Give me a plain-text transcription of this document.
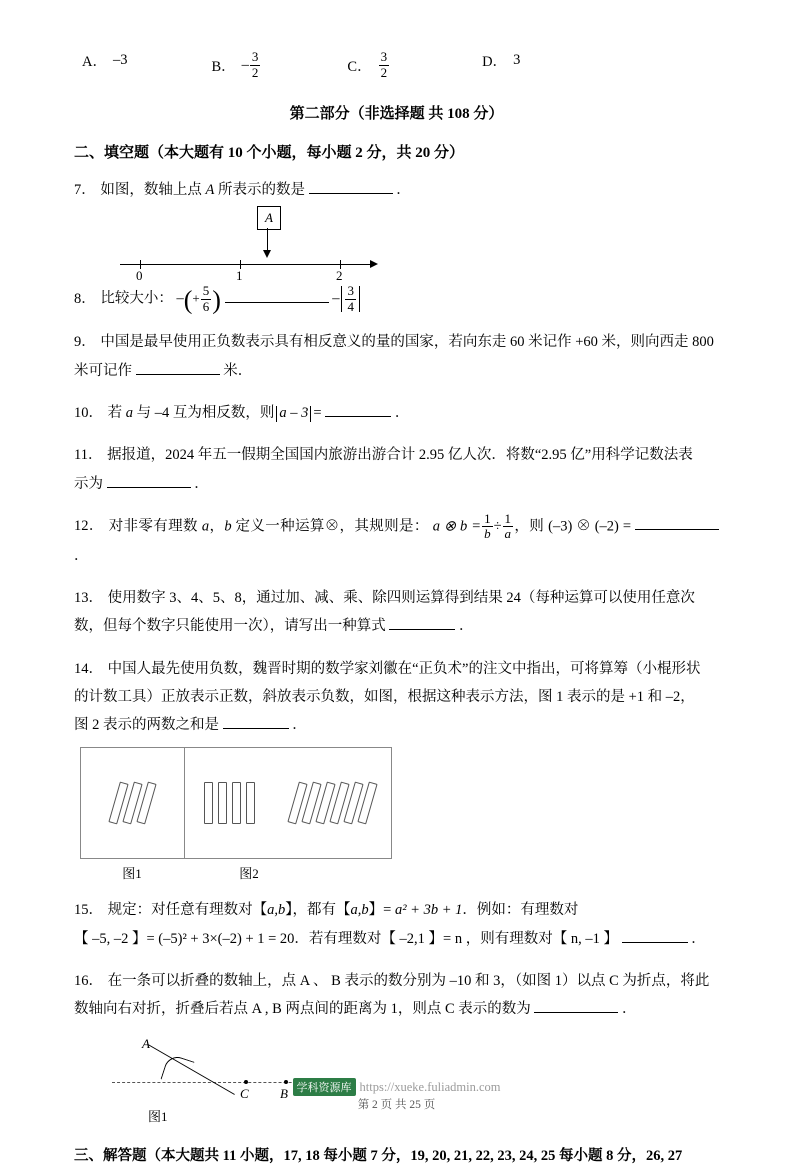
A． –3	B． – $\frac{3}{2}$	C． $\frac{3}{2}$	D． 3
第二部分（非选择题 共 108 分）
二、填空题（本大题有 10 个小题，每小题 2 分，共 20 分）
7． 如图，数轴上点 A 所表示的数是	．
A
0	1	2
8． 比较大小： –(+ $\frac{5}{6}$ )	– $\frac{3}{4}$
9． 中国是最早使用正负数表示具有相反意义的量的国家，若向东走 60 米记作 +60 米，则向西走 800
米可记作	米．
10． 若 a 与 –4 互为相反数，则 a – 3 =	．
11． 据报道，2024 年五一假期全国国内旅游出游合计 2.95 亿人次．将数“2.95 亿”用科学记数法表
示为	．
12． 对非零有理数 a，b 定义一种运算⊗，其规则是： a ⊗ $b = \frac{1}{b} \div \frac{1}{a}$ ，则 (–3) ⊗ (–2) =  ．
13． 使用数字 3、4、5、8，通过加、减、乘、除四则运算得到结果 24（每种运算可以使用任意次
数，但每个数字只能使用一次），请写出一种算式	．
14． 中国人最先使用负数，魏晋时期的数学家刘徽在“正负术”的注文中指出，可将算筹（小棍形状
的计数工具）正放表示正数，斜放表示负数，如图，根据这种表示方法，图 1 表示的是 +1 和 –2，
图 2 表示的两数之和是	．
图1	图2
15． 规定：对任意有理数对【a,b】，都有【a,b】= a² + 3b + 1．例如：有理数对
【 –5, –2 】= (–5)² + 3×(–2) + 1 = 20．若有理数对【 –2,1 】= n ，则有理数对【 n, –1 】	．
16． 在一条可以折叠的数轴上，点 A 、 B 表示的数分别为 –10 和 3，（如图 1）以点 C 为折点，将此
数轴向右对折，折叠后若点 A , B 两点间的距离为 1，则点 C 表示的数为	．
A
C B
图1
三、解答题（本大题共 11 小题，17, 18 每小题 7 分，19, 20, 21, 22, 23, 24, 25 每小题 8 分，26, 27
学科资源库 https://xueke.fuliadmin.com
第 2 页 共 25 页
